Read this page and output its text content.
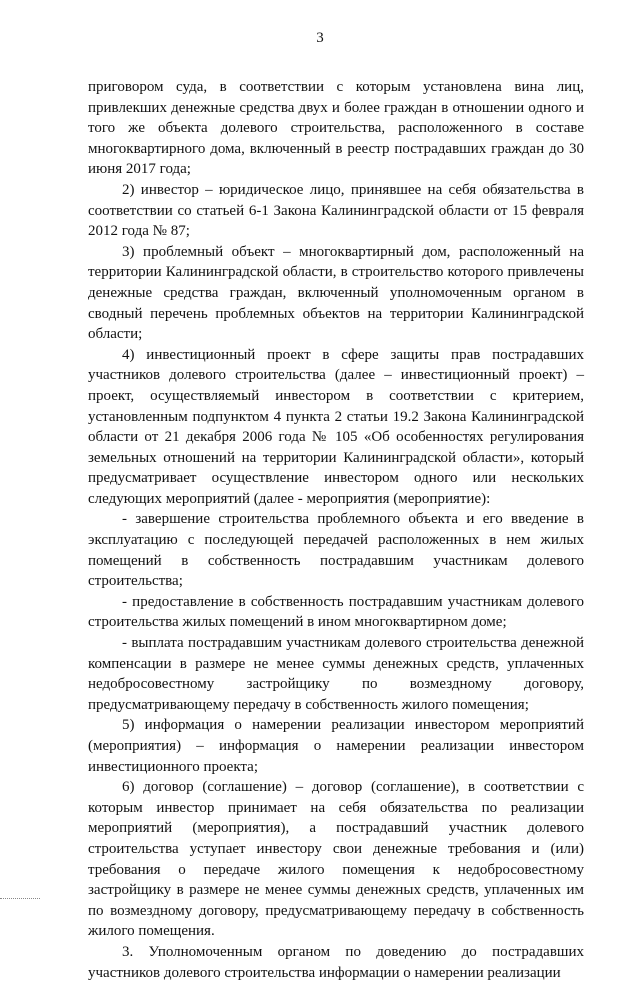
3

приговором суда, в соответствии с которым установлена вина лиц, привлекших денежные средства двух и более граждан в отношении одного и того же объекта долевого строительства, расположенного в составе многоквартирного дома, включенный в реестр пострадавших граждан до 30 июня 2017 года;

2) инвестор – юридическое лицо, принявшее на себя обязательства в соответствии со статьей 6-1 Закона Калининградской области от 15 февраля 2012 года № 87;

3) проблемный объект – многоквартирный дом, расположенный на территории Калининградской области, в строительство которого привлечены денежные средства граждан, включенный уполномоченным органом в сводный перечень проблемных объектов на территории Калининградской области;

4) инвестиционный проект в сфере защиты прав пострадавших участников долевого строительства (далее – инвестиционный проект) – проект, осуществляемый инвестором в соответствии с критерием, установленным подпунктом 4 пункта 2 статьи 19.2 Закона Калининградской области от 21 декабря 2006 года № 105 «Об особенностях регулирования земельных отношений на территории Калининградской области», который предусматривает осуществление инвестором одного или нескольких следующих мероприятий (далее - мероприятия (мероприятие):

- завершение строительства проблемного объекта и его введение в эксплуатацию с последующей передачей расположенных в нем жилых помещений в собственность пострадавшим участникам долевого строительства;

- предоставление в собственность пострадавшим участникам долевого строительства жилых помещений в ином многоквартирном доме;

- выплата пострадавшим участникам долевого строительства денежной компенсации в размере не менее суммы денежных средств, уплаченных недобросовестному застройщику по возмездному договору, предусматривающему передачу в собственность жилого помещения;

5) информация о намерении реализации инвестором мероприятий (мероприятия) – информация о намерении реализации инвестором инвестиционного проекта;

6) договор (соглашение) – договор (соглашение), в соответствии с которым инвестор принимает на себя обязательства по реализации мероприятий (мероприятия), а пострадавший участник долевого строительства уступает инвестору свои денежные требования и (или) требования о передаче жилого помещения к недобросовестному застройщику в размере не менее суммы денежных средств, уплаченных им по возмездному договору, предусматривающему передачу в собственность жилого помещения.

3. Уполномоченным органом по доведению до пострадавших участников долевого строительства информации о намерении реализации
